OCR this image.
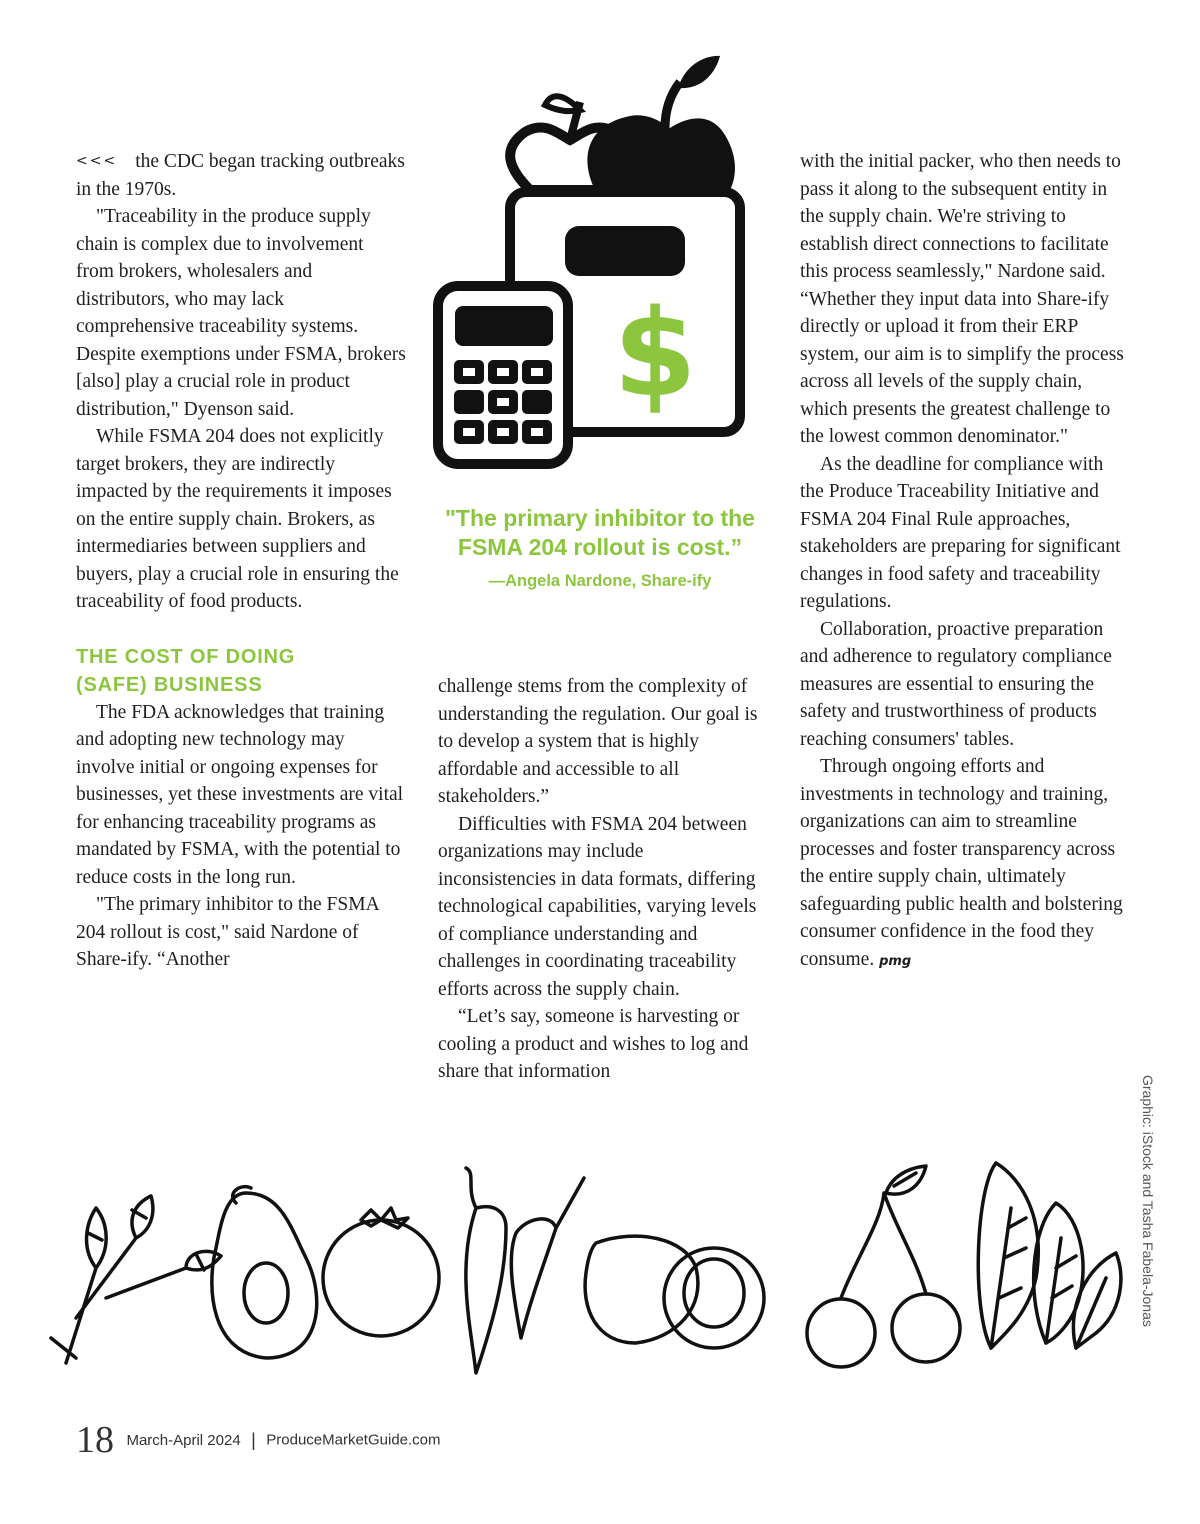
$

<<< the CDC began tracking outbreaks in the 1970s.

"Traceability in the produce supply chain is complex due to involvement from brokers, wholesalers and distributors, who may lack comprehensive traceability systems. Despite exemptions under FSMA, brokers [also] play a crucial role in product distribution," Dyenson said.

While FSMA 204 does not explicitly target brokers, they are indirectly impacted by the requirements it imposes on the entire supply chain. Brokers, as intermediaries between suppliers and buyers, play a crucial role in ensuring the traceability of food products.

THE COST OF DOING
(SAFE) BUSINESS

The FDA acknowledges that training and adopting new technology may involve initial or ongoing expenses for businesses, yet these investments are vital for enhancing traceability programs as mandated by FSMA, with the potential to reduce costs in the long run.

"The primary inhibitor to the FSMA 204 rollout is cost," said Nardone of Share-ify. “Another

"The primary inhibitor to the FSMA 204 rollout is cost.”
—Angela Nardone, Share-ify

challenge stems from the complexity of understanding the regulation. Our goal is to develop a system that is highly affordable and accessible to all stakeholders.”

Difficulties with FSMA 204 between organizations may include inconsistencies in data formats, differing technological capabilities, varying levels of compliance understanding and challenges in coordinating traceability efforts across the supply chain.

“Let’s say, someone is harvesting or cooling a product and wishes to log and share that information

with the initial packer, who then needs to pass it along to the subsequent entity in the supply chain. We're striving to establish direct connections to facilitate this process seamlessly," Nardone said. “Whether they input data into Share-ify directly or upload it from their ERP system, our aim is to simplify the process across all levels of the supply chain, which presents the greatest challenge to the lowest common denominator."

As the deadline for compliance with the Produce Traceability Initiative and FSMA 204 Final Rule approaches, stakeholders are preparing for significant changes in food safety and traceability regulations.

Collaboration, proactive preparation and adherence to regulatory compliance measures are essential to ensuring the safety and trustworthiness of products reaching consumers' tables.

Through ongoing efforts and investments in technology and training, organizations can aim to streamline processes and foster transparency across the entire supply chain, ultimately safeguarding public health and bolstering consumer confidence in the food they consume. pmg

Graphic: iStock and Tasha Fabela-Jonas
18 March-April 2024 | ProduceMarketGuide.com
